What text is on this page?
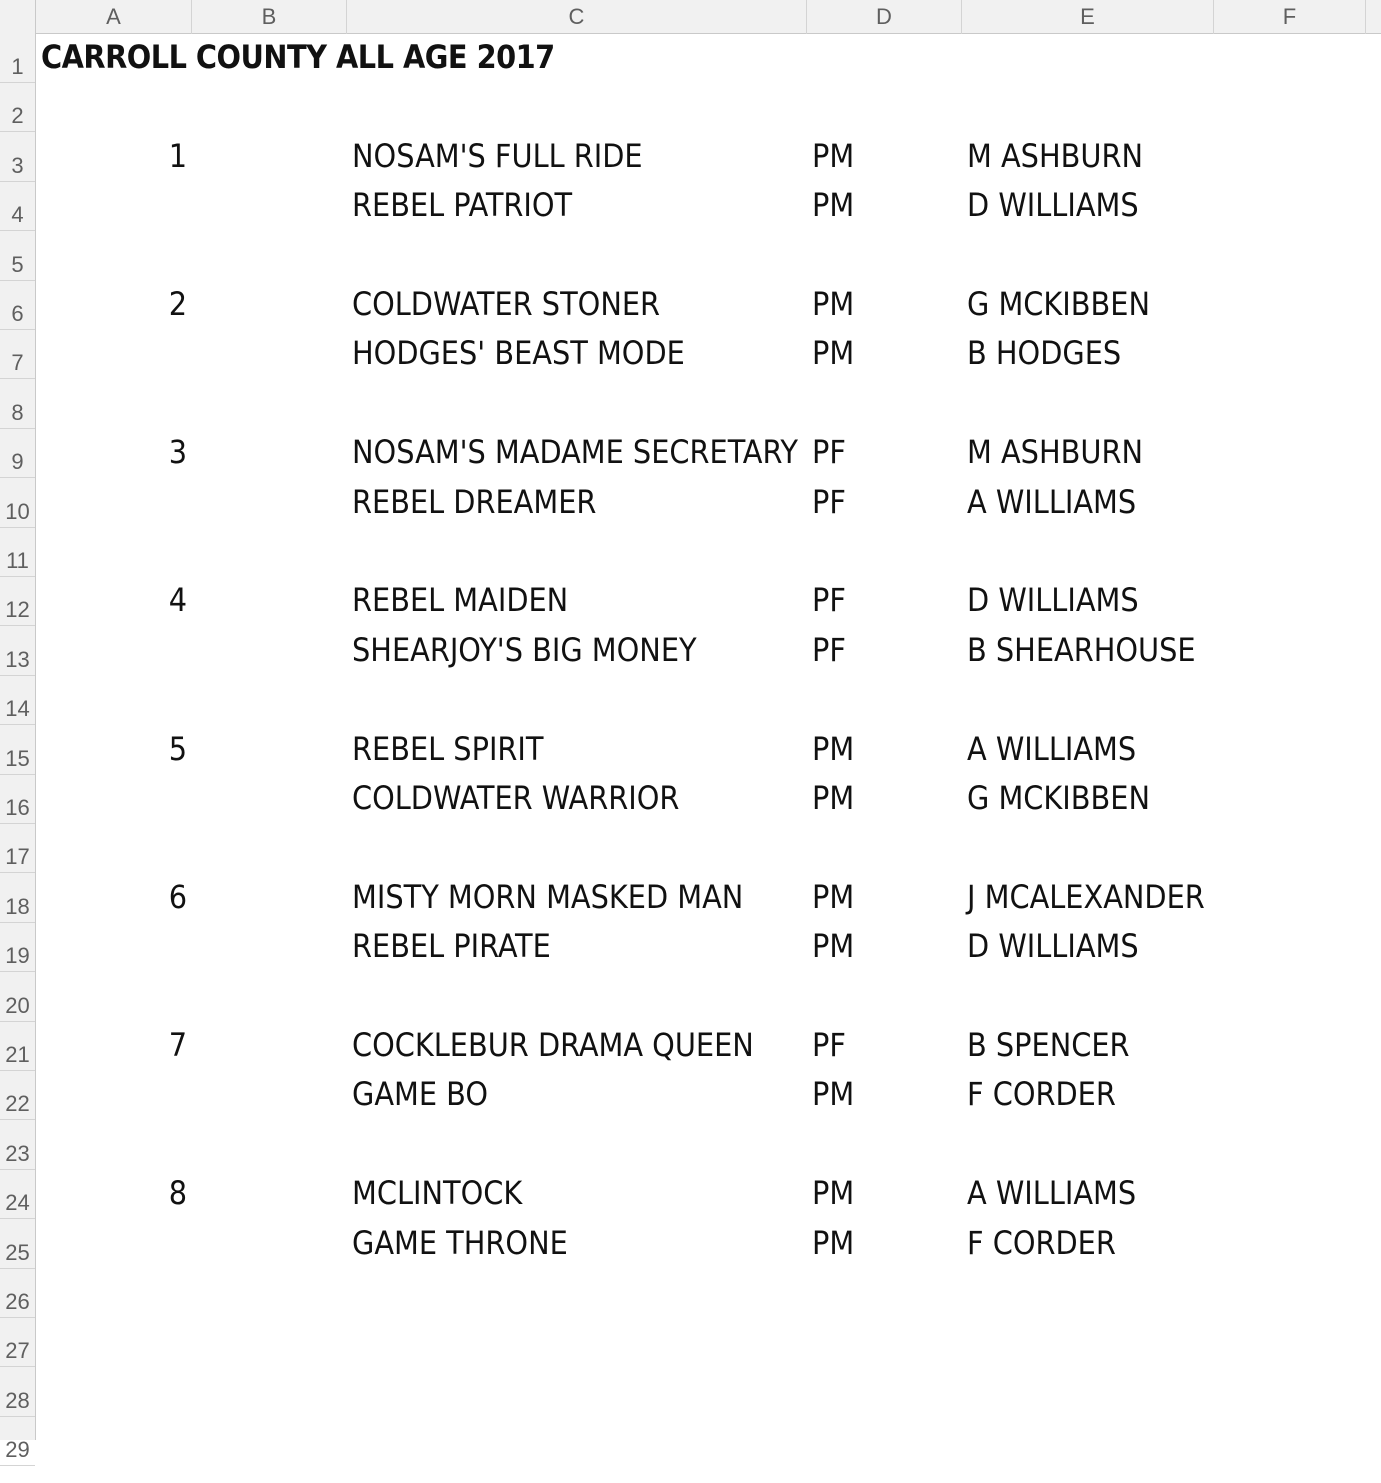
A	B	C	D	E	F
1
2
3
4
5
6
7
8
9
10
11
12
13
14
15
16
17
18
19
20
21
22
23
24
25
26
27
28
29
CARROLL COUNTY ALL AGE 2017
1	NOSAM'S FULL RIDE	PM	M ASHBURN
REBEL PATRIOT	PM	D WILLIAMS
2	COLDWATER STONER	PM	G MCKIBBEN
HODGES' BEAST MODE	PM	B HODGES
3	NOSAM'S MADAME SECRETARY PF	M ASHBURN
REBEL DREAMER	PF	A WILLIAMS
4	REBEL MAIDEN	PF	D WILLIAMS
SHEARJOY'S BIG MONEY	PF	B SHEARHOUSE
5	REBEL SPIRIT	PM	A WILLIAMS
COLDWATER WARRIOR	PM	G MCKIBBEN
6	MISTY MORN MASKED MAN	PM	J MCALEXANDER
REBEL PIRATE	PM	D WILLIAMS
7	COCKLEBUR DRAMA QUEEN	PF	B SPENCER
GAME BO	PM	F CORDER
8	MCLINTOCK	PM	A WILLIAMS
GAME THRONE	PM	F CORDER
